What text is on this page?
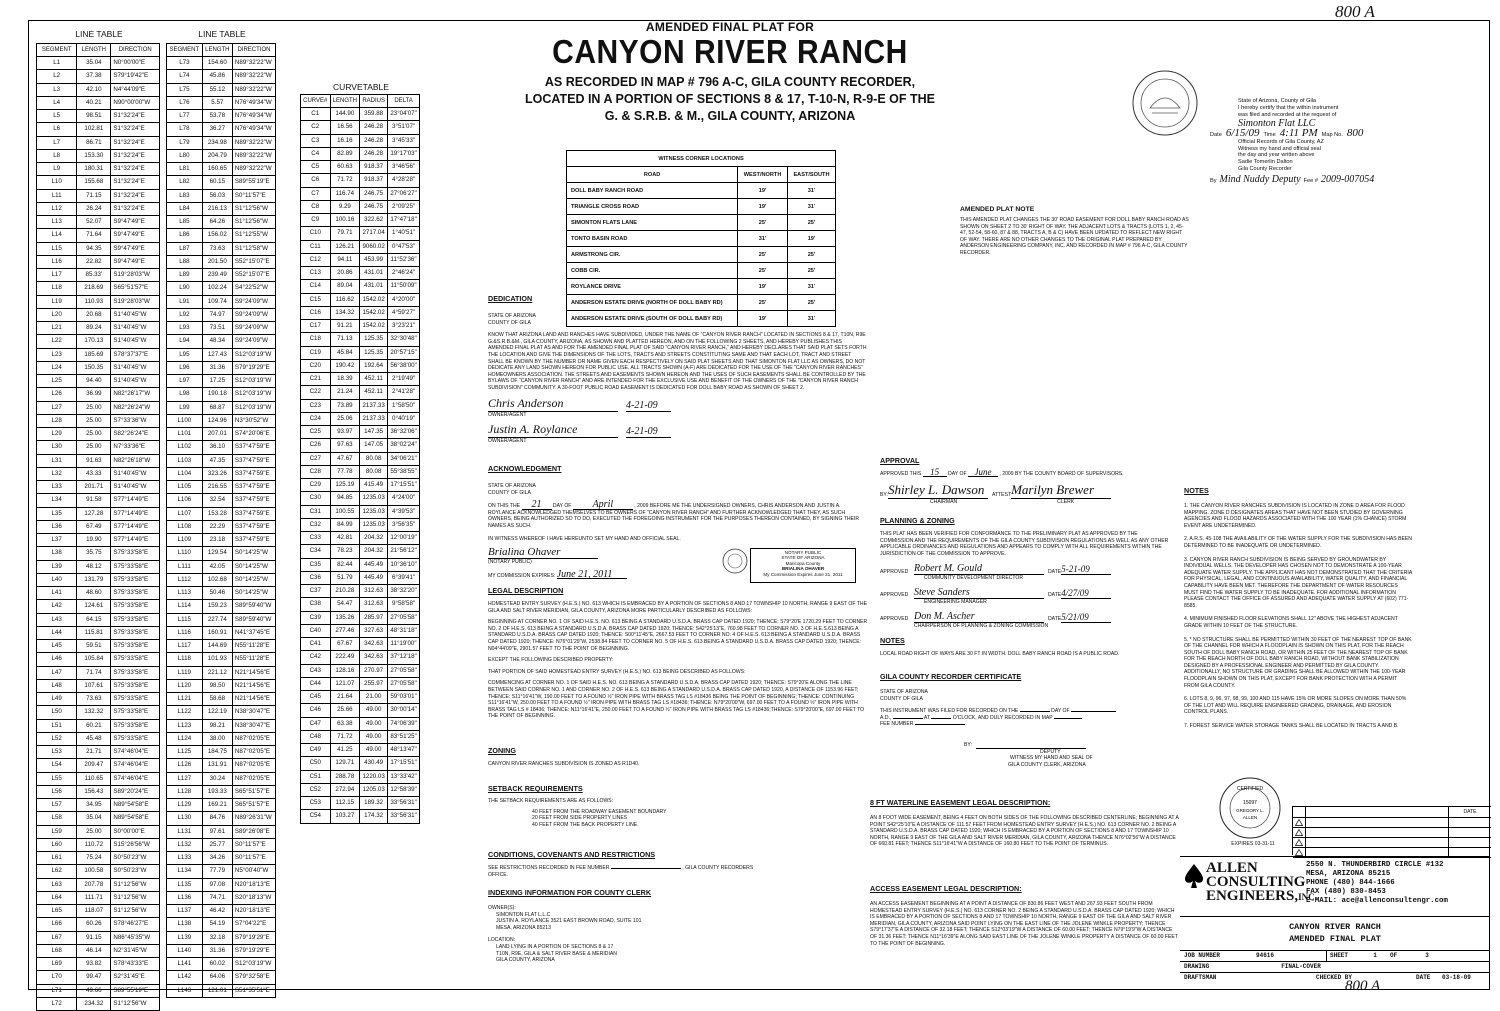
800 A
800 A
LINE TABLE
SEGMENT	LENGTH	DIRECTION
L1	35.04	N0°00'00"E
L2	37.38	S79°19'42"E
L3	42.10	N4°44'09"E
L4	40.21	N90°00'00"W
L5	98.51	S1°32'24"E
L6	102.81	S1°32'24"E
L7	86.71	S1°32'24"E
L8	153.30	S1°32'24"E
L9	180.31	S1°32'24"E
L10	155.68	S1°32'24"E
L11	71.15	S1°32'24"E
L12	26.24	S1°32'24"E
L13	52.07	S9°47'49"E
L14	71.64	S9°47'49"E
L15	94.35	S9°47'49"E
L16	22.82	S9°47'49"E
L17	85.33'	S19°28'03"W
L18	218.69	S65°51'57"E
L19	110.93	S19°28'03"W
L20	20.68	S1°40'45"W
L21	89.24	S1°40'45"W
L22	170.13	S1°40'45"W
L23	185.69	S78°37'37"E
L24	150.35	S1°40'45"W
L25	94.40	S1°40'45"W
L26	36.99	N82°26'17"W
L27	25.00	N82°26'24"W
L28	25.00	S7°33'36"W
L29	25.00	S82°26'24"E
L30	25.00	N7°33'36"E
L31	91.63	N82°26'18"W
L32	43.33	S1°40'45"W
L33	201.71	S1°40'45"W
L34	91.58	S77°14'49"E
L35	127.28	S77°14'49"E
L36	67.49	S77°14'49"E
L37	19.90	S77°14'49"E
L38	35.75	S75°33'58"E
L39	48.12	S75°33'58"E
L40	131.79	S75°33'58"E
L41	48.60	S75°33'58"E
L42	124.61	S75°33'58"E
L43	64.15	S75°33'58"E
L44	115.81	S75°33'58"E
L45	59.51	S75°33'58"E
L46	105.84	S75°33'58"E
L47	71.74	S75°33'58"E
L48	107.61	S75°33'58"E
L49	73.63	S75°33'58"E
L50	132.32	S75°33'58"E
L51	60.21	S75°33'58"E
L52	45.48	S75°33'58"E
L53	21.71	S74°46'04"E
L54	209.47	S74°46'04"E
L55	110.65	S74°46'04"E
L56	156.43	S89°20'24"E
L57	34.95	N89°54'58"E
L58	35.04	N89°54'58"E
L59	25.00	S0°00'00"E
L60	110.72	S15°26'56"W
L61	75.24	S0°50'23"W
L62	100.58	S0°50'23"W
L63	207.78	S1°12'56"W
L64	111.71	S1°12'56"W
L65	118.07	S1°12'56"W
L66	60.26	S78°46'27"E
L67	91.15	N86°45'35"W
L68	46.14	N2°31'45"W
L69	93.82	S78°43'33"E
L70	99.47	S2°31'45"E
L71	49.66	S89°55'19"E
L72	234.32	S1°12'56"W
LINE TABLE
SEGMENT	LENGTH	DIRECTION
L73	154.60	N89°32'22"W
L74	45.86	N89°32'22"W
L75	55.12	N89°32'22"W
L76	5.57	N76°49'34"W
L77	53.78	N76°49'34"W
L78	36.27	N76°49'34"W
L79	234.98	N89°32'22"W
L80	204.79	N89°32'22"W
L81	160.65	N89°32'22"W
L82	60.15	S89°55'19"E
L83	56.03	S0°11'57"E
L84	216.13	S1°12'56"W
L85	64.26	S1°12'56"W
L86	156.02	S1°12'55"W
L87	73.63	S1°12'58"W
L88	201.50	S52°15'07"E
L89	239.49	S52°15'07"E
L90	102.24	S4°22'52"W
L91	109.74	S9°24'09"W
L92	74.97	S9°24'09"W
L93	73.51	S9°24'09"W
L94	48.34	S9°24'09"W
L95	127.43	S12°03'19"W
L96	31.36	S79°19'29"E
L97	17.25	S12°03'19"W
L98	190.18	S12°03'19"W
L99	68.87	S12°03'19"W
L100	124.96	N3°30'52"W
L101	207.01	S74°20'06"E
L102	36.10	S37°47'59"E
L103	47.35	S37°47'59"E
L104	323.26	S37°47'59"E
L105	216.55	S37°47'59"E
L106	32.54	S37°47'59"E
L107	153.28	S37°47'59"E
L108	22.29	S37°47'59"E
L109	23.18	S37°47'59"E
L110	129.54	S0°14'25"W
L111	42.05	S0°14'25"W
L112	102.68	S0°14'25"W
L113	50.46	S0°14'25"W
L114	159.23	S89°59'40"W
L115	227.74	S89°59'40"W
L116	160.91	N41°37'45"E
L117	144.69	N55°11'28"E
L118	101.93	N55°11'28"E
L119	221.12	N21°14'56"E
L120	98.50	N21°14'56"E
L121	58.68	N21°14'56"E
L122	122.19	N38°30'47"E
L123	98.21	N38°30'47"E
L124	38.00	N87°02'05"E
L125	184.75	N87°02'05"E
L126	131.91	N87°02'05"E
L127	30.24	N87°02'05"E
L128	193.33	S65°51'57"E
L129	169.21	S65°51'57"E
L130	84.76	N89°26'31"W
L131	97.61	S89°26'08"E
L132	25.77	S0°11'57"E
L133	34.26	S0°11'57"E
L134	77.79	N5°00'40"W
L135	97.08	N20°18'13"E
L136	74.71	S20°18'13"W
L137	46.42	N20°18'13"E
L138	54.19	S7°04'22"E
L139	32.18	S79°19'29"E
L140	31.36	S79°19'29"E
L141	60.02	S12°03'19"W
L142	64.06	S79°32'58"E
L143	121.01	S51°35'51"E
CURVETABLE
CURVE#	LENGTH	RADIUS	DELTA
C1	144.90	359.88	23°04'07"
C2	16.56	246.28	3°51'07"
C3	16.16	246.28	3°45'33"
C4	82.89	246.28	19°17'03"
C5	60.63	918.37	3°46'56"
C6	71.72	918.37	4°28'28"
C7	116.74	246.75	27°06'27"
C8	9.29	246.75	2°09'25"
C9	100.16	322.62	17°47'18"
C10	79.71	2717.04	1°40'51"
C11	126.21	9060.02	0°47'53"
C12	94.11	453.99	11°52'36"
C13	20.86	431.01	2°46'24"
C14	89.04	431.01	11°50'09"
C15	116.62	1542.02	4°20'00"
C16	134.32	1542.02	4°59'27"
C17	91.21	1542.02	3°23'21"
C18	71.13	125.35	32°30'48"
C19	45.84	125.35	20°57'15"
C20	190.42	192.64	56°38'00"
C21	18.39	452.11	2°19'49"
C22	21.24	452.11	2°41'28"
C23	73.89	2137.33	1°58'50"
C24	25.06	2137.33	0°40'19"
C25	93.97	147.35	36°32'06"
C26	97.63	147.05	38°02'24"
C27	47.67	80.08	34°06'21"
C28	77.78	80.08	55°38'55"
C29	125.19	415.49	17°15'51"
C30	94.85	1235.03	4°24'00"
C31	100.55	1235.03	4°39'53"
C32	84.99	1235.03	3°56'35"
C33	42.81	204.32	12°00'19"
C34	78.23	204.32	21°56'12"
C35	82.44	445.49	10°36'10"
C36	51.79	445.49	6°39'41"
C37	210.28	312.63	38°32'20"
C38	54.47	312.63	9°58'58"
C39	135.26	285.97	27°05'58"
C40	277.46	327.63	48°31'18"
C41	67.67	342.63	11°19'00"
C42	222.49	342.63	37°12'18"
C43	128.16	270.97	27°05'58"
C44	121.07	255.97	27°05'58"
C45	21.64	21.00	59°03'01"
C46	25.66	49.00	30°00'14"
C47	63.38	49.00	74°06'39"
C48	71.72	49.00	83°51'25"
C49	41.25	49.00	48°13'47"
C50	129.71	430.49	17°15'51"
C51	288.78	1220.03	13°33'42"
C52	272.94	1205.03	12°58'39"
C53	112.15	189.32	33°56'31"
C54	103.27	174.32	33°56'31"
AMENDED FINAL PLAT FOR
CANYON RIVER RANCH
AS RECORDED IN MAP # 796 A-C, GILA COUNTY RECORDER,
LOCATED IN A PORTION OF SECTIONS 8 & 17, T-10-N, R-9-E OF THE
G. & S.R.B. & M., GILA COUNTY, ARIZONA
WITNESS CORNER LOCATIONS		
ROAD	WEST/NORTH	EAST/SOUTH
DOLL BABY RANCH ROAD	19'	31'
TRIANGLE CROSS ROAD	19'	31'
SIMONTON FLATS LANE	25'	25'
TONTO BASIN ROAD	31'	19'
ARMSTRONG CIR.	25'	25'
COBB CIR.	25'	25'
ROYLANCE DRIVE	19'	31'
ANDERSON ESTATE DRIVE (NORTH OF DOLL BABY RD)	25'	25'
ANDERSON ESTATE DRIVE (SOUTH OF DOLL BABY RD)	19'	31'
State of Arizona, County of Gila
I hereby certify that the within instrument
was filed and recorded at the request of
Simonton Flat LLC
Date 6/15/09 Time 4:11 PM Map No. 800
Official Records of Gila County, AZ
Witness my hand and official seal
the day and year written above
Sadie Tomerlin Dalton
Gila County Recorder
By Mind Nuddy Deputy Fee # 2009-007054
AMENDED PLAT NOTE
THIS AMENDED PLAT CHANGES THE 30' ROAD EASEMENT FOR DOLL BABY RANCH ROAD AS SHOWN ON SHEET 2 TO 30' RIGHT OF WAY. THE ADJACENT LOTS & TRACTS (LOTS 1, 2, 45-47, 52-54, 58-60, 87 & 88, TRACTS A, B & C) HAVE BEEN UPDATED TO REFLECT NEW RIGHT OF WAY. THERE ARE NO OTHER CHANGES TO THE ORIGINAL PLAT PREPARED BY ANDERSON ENGINEERING COMPANY, INC. AND RECORDED IN MAP # 796 A-C, GILA COUNTY RECORDER.
DEDICATION
STATE OF ARIZONA
COUNTY OF GILA
KNOW THAT ARIZONA LAND AND RANCHES HAVE SUBDIVIDED, UNDER THE NAME OF "CANYON RIVER RANCH" LOCATED IN SECTIONS 8 & 17, T10N, R9E G.&S.R.B.&M., GILA COUNTY, ARIZONA, AS SHOWN AND PLATTED HEREON, AND ON THE FOLLOWING 2 SHEETS, AND HEREBY PUBLISHES THIS AMENDED FINAL PLAT AS AND FOR THE AMENDED FINAL PLAT OF SAID "CANYON RIVER RANCH," AND HEREBY DECLARES THAT SAID PLAT SETS FORTH THE LOCATION AND GIVE THE DIMENSIONS OF THE LOTS, TRACTS AND STREETS CONSTITUTING SAME AND THAT EACH LOT, TRACT AND STREET SHALL BE KNOWN BY THE NUMBER OR NAME GIVEN EACH RESPECTIVELY ON SAID PLAT SHEETS AND THAT SIMONTON FLAT LLC AS OWNERS, DO NOT DEDICATE ANY LAND SHOWN HEREON FOR PUBLIC USE. ALL TRACTS SHOWN (A-F) ARE DEDICATED FOR THE USE OF THE "CANYON RIVER RANCHES" HOMEOWNERS ASSOCIATION. THE STREETS AND EASEMENTS SHOWN HEREON AND THE USES OF SUCH EASEMENTS SHALL BE CONTROLLED BY THE BYLAWS OF "CANYON RIVER RANCH" AND ARE INTENDED FOR THE EXCLUSIVE USE AND BENEFIT OF THE OWNERS OF THE "CANYON RIVER RANCH SUBDIVISION" COMMUNITY. A 30-FOOT PUBLIC ROAD EASEMENT IS DEDICATED FOR DOLL BABY ROAD AS SHOWN OF SHEET 2.
Chris Anderson	4-21-09
OWNER/AGENT
Justin A. Roylance	4-21-09
OWNER/AGENT
ACKNOWLEDGMENT
STATE OF ARIZONA
COUNTY OF GILA
ON THIS THE 21 DAY OF April	, 2009 BEFORE ME THE UNDERSIGNED OWNERS, CHRIS ANDERSON AND JUSTIN A. ROYLANCE ACKNOWLEDGED THEMSELVES TO BE OWNERS OF "CANYON RIVER RANCH" AND FURTHER ACKNOWLEDGED THAT THEY, AS SUCH OWNERS, BEING AUTHORIZED SO TO DO, EXECUTED THE FOREGOING INSTRUMENT FOR THE PURPOSES THEREON CONTAINED, BY SIGNING THEIR NAMES AS SUCH.
IN WITNESS WHEREOF I HAVE HEREUNTO SET MY HAND AND OFFICIAL SEAL.
Brialina Ohaver
(NOTARY PUBLIC)
MY COMMISSION EXPIRES: June 21, 2011
NOTARY PUBLIC
STATE OF ARIZONA
Maricopa County
BRIALINA OHAVER
My Commission Expires June 21, 2011
LEGAL DESCRIPTION
HOMESTEAD ENTRY SURVEY (H.E.S.) NO. 613 WHICH IS EMBRACED BY A PORTION OF SECTIONS 8 AND 17 TOWNSHIP 10 NORTH, RANGE 9 EAST OF THE GILA AND SALT RIVER MERIDIAN, GILA COUNTY, ARIZONA MORE PARTICULARLY DESCRIBED AS FOLLOWS:
BEGINNING AT CORNER NO. 1 OF SAID H.E.S. NO. 613 BEING A STANDARD U.S.D.A. BRASS CAP DATED 1920; THENCE: S79°20'E 1720.29 FEET TO CORNER NO. 2 OF H.E.S. 613 BEING A STANDARD U.S.D.A. BRASS CAP DATED 1920; THENCE: S42°25'13"E, 760.98 FEET TO CORNER NO. 3 OF H.E.S.613 BEING A STANDARD U.S.D.A. BRASS CAP DATED 1920; THENCE: S00°11'45"E, 2667.53 FEET TO CORNER NO. 4 OF H.E.S. 613 BEING A STANDARD U.S.D.A. BRASS CAP DATED 1920; THENCE: N76°01'29"W, 2538.84 FEET TO CORNER NO. 5 OF H.E.S. 613 BEING A STANDARD U.S.D.A. BRASS CAP DATED 1920; THENCE: N04°44'09"E, 2901.57 FEET TO THE POINT OF BEGINNING.
EXCEPT THE FOLLOWING DESCRIBED PROPERTY:
THAT PORTION OF SAID HOMESTEAD ENTRY SURVEY (H.E.S.) NO. 613 BEING DESCRIBED AS FOLLOWS:
COMMENCING AT CORNER NO. 1 OF SAID H.E.S. NO. 613 BEING A STANDARD U.S.D.A. BRASS CAP DATED 1920; THENCE: S79°20'E ALONG THE LINE BETWEEN SAID CORNER NO. 1 AND CORNER NO. 2 OF H.E.S. 613 BEING A STANDARD U.S.D.A. BRASS CAP DATED 1920, A DISTANCE OF 1153.96 FEET; THENCE: S11°16'41"W, 190.00 FEET TO A FOUND ½" IRON PIPE WITH BRASS TAG LS #18436 BEING THE POINT OF BEGINNING; THENCE: CONTINUING S11°16'41"W, 250.00 FEET TO A FOUND ½" IRON PIPE WITH BRASS TAG LS #18436; THENCE: N79°20'00"W, 697.00 FEET TO A FOUND ½" IRON PIPE WITH BRASS TAG LS # 18436; THENCE: N11°16'41"E, 250.00 FEET TO A FOUND ½" IRON PIPE WITH BRASS TAG LS #18436;THENCE: S79°20'00"E, 697.00 FEET TO THE POINT OF BEGINNING.
ZONING
CANYON RIVER RANCHES SUBDIVISION IS ZONED AS R1D40.
SETBACK REQUIREMENTS
THE SETBACK REQUIREMENTS ARE AS FOLLOWS:
40 FEET FROM THE ROADWAY EASEMENT BOUNDARY
20 FEET FROM SIDE PROPERTY LINES
40 FEET FROM THE BACK PROPERTY LINE.
CONDITIONS, COVENANTS AND RESTRICTIONS
SEE RESTRICTIONS RECORDED IN FEE NUMBER	, GILA COUNTY RECORDERS
OFFICE.
INDEXING INFORMATION FOR COUNTY CLERK
OWNER(S):
SIMONTON FLAT L.L.C
JUSTIN A. ROYLANCE 3521 EAST BROWN ROAD, SUITE 101
MESA, ARIZONA 85213
LOCATION:
LAND LYING IN A PORTION OF SECTIONS 8 & 17
T10N, R9E, GILA & SALT RIVER BASE & MERIDIAN
GILA COUNTY, ARIZONA
APPROVAL
APPROVED THIS 15 DAY OF June , 2009 BY THE COUNTY BOARD OF SUPERVISORS.
BY: Shirley L. Dawson	ATTEST Marilyn Brewer
CHAIRMAN	CLERK
PLANNING & ZONING
THIS PLAT HAS BEEN VERIFIED FOR CONFORMANCE TO THE PRELIMINARY PLAT AS APPROVED BY THE COMMISSION AND THE REQUIREMENTS OF THE GILA COUNTY SUBDIVISION REGULATIONS AS WELL AS ANY OTHER APPLICABLE ORDINANCES AND REGULATIONS AND APPEARS TO COMPLY WITH ALL REQUIREMENTS WITHIN THE JURISDICTION OF THE COMMISSION TO APPROVE.
APPROVED Robert M. Gould	DATE 5-21-09
COMMUNITY DEVELOPMENT DIRECTOR
APPROVED Steve Sanders	DATE 4/27/09
ENGINEERING MANAGER
APPROVED Don M. Ascher	DATE 5/21/09
CHAIRPERSON OF PLANNING & ZONING COMMISSION
NOTES
LOCAL ROAD RIGHT OF WAYS ARE 30 FT IN WIDTH. DOLL BABY RANCH ROAD IS A PUBLIC ROAD.
GILA COUNTY RECORDER CERTIFICATE
STATE OF ARIZONA
COUNTY OF GILA
THIS INSTRUMENT WAS FILED FOR RECORDED ON THE	DAY OF
A.D.,	AT	O'CLOCK, AND DULY RECORDED IN MAP
FEE NUMBER
BY:
DEPUTY
WITNESS MY HAND AND SEAL OF
GILA COUNTY CLERK, ARIZONA
8 FT WATERLINE EASEMENT LEGAL DESCRIPTION:
AN 8 FOOT WIDE EASEMENT, BEING 4 FEET ON BOTH SIDES OF THE FOLLOWING DESCRIBED CENTERLINE; BEGINNING AT A POINT S42°25'10"E A DISTANCE OF 111.57 FEET FROM HOMESTEAD ENTRY SURVEY (H.E.S.) NO. 613 CORNER NO. 2 BEING A STANDARD U.S.D.A. BRASS CAP DATED 1920; WHICH IS EMBRACED BY A PORTION OF SECTIONS 8 AND 17 TOWNSHIP 10 NORTH, RANGE 9 EAST OF THE GILA AND SALT RIVER MERIDIAN, GILA COUNTY, ARIZONA THENCE N76°02'56"W A DISTANCE OF 660.81 FEET; THENCE S11°16'41"W A DISTANCE OF 160.80 FEET TO THE POINT OF TERMINUS.
ACCESS EASEMENT LEGAL DESCRIPTION:
AN ACCESS EASEMENT BEGINNING AT A POINT A DISTANCE OF 830.86 FEET WEST AND 267.93 FEET SOUTH FROM HOMESTEAD ENTRY SURVEY (H.E.S.) NO. 613 CORNER NO. 2 BEING A STANDARD U.S.D.A. BRASS CAP DATED 1920; WHICH IS EMBRACED BY A PORTION OF SECTIONS 8 AND 17 TOWNSHIP 10 NORTH, RANGE 9 EAST OF THE GILA AND SALT RIVER MERIDIAN, GILA COUNTY, ARIZONA SAID POINT LYING ON THE EAST LINE OF THE JOLENE WINKLE PROPERTY; THENCE S79°17'37"E A DISTANCE OF 32.18 FEET; THENCE S12°03'19"W A DISTANCE OF 60.00 FEET; THENCE N79°19'9"W A DISTANCE OF 31.36 FEET; THENCE N11°16'39"E ALONG SAID EAST LINE OF THE JOLENE WINKLE PROPERTY A DISTANCE OF 60.00 FEET TO THE POINT OF BEGINNING.
NOTES

1. THE CANYON RIVER RANCHES SUBDIVISION IS LOCATED IN ZONE D AREA FOR FLOOD MAPPING. ZONE D DESIGNATES AREAS THAT HAVE NOT BEEN STUDIED BY GOVERNING AGENCIES AND FLOOD HAZARDS ASSOCIATED WITH THE 100 YEAR (1% CHANCE) STORM EVENT ARE UNDETERMINED.

2. A.R.S. 45-108 THE AVAILABILITY OF THE WATER SUPPLY FOR THE SUBDIVISION HAS BEEN DETERMINED TO BE INADEQUATE OR UNDETERMINED.

3. CANYON RIVER RANCH SUBDIVISION IS BEING SERVED BY GROUNDWATER BY INDIVIDUAL WELLS. THE DEVELOPER HAS CHOSEN NOT TO DEMONSTRATE A 100-YEAR ADEQUATE WATER SUPPLY. THE APPLICANT HAS NOT DEMONSTRATED THAT THE CRITERIA FOR PHYSICAL, LEGAL, AND CONTINUOUS AVAILABILITY, WATER QUALITY, AND FINANCIAL CAPABILITY HAVE BEEN MET. THEREFORE THE DEPARTMENT OF WATER RESOURCES MUST FIND THE WATER SUPPLY TO BE INADEQUATE. FOR ADDITIONAL INFORMATION PLEASE CONTACT THE OFFICE OF ASSURED AND ADEQUATE WATER SUPPLY AT (602) 771-8585.

4. MINIMUM FINISHED FLOOR ELEVATIONS SHALL 12" ABOVE THE HIGHEST ADJACENT GRADE WITHIN 10 FEET OF THE STRUCTURE.

5. * NO STRUCTURE SHALL BE PERMITTED WITHIN 30 FEET OF THE NEAREST TOP OF BANK OF THE CHANNEL FOR WHICH A FLOODPLAIN IS SHOWN ON THIS PLAT, FOR THE REACH SOUTH OF DOLL BABY RANCH ROAD, OR WITHIN 25 FEET OF THE NEAREST TOP OF BANK FOR THE REACH NORTH OF DOLL BABY RANCH ROAD, WITHOUT BANK STABILIZATION DESIGNED BY A PROFESSIONAL ENGINEER AND PERMITTED BY GILA COUNTY. ADDITIONALLY, NO STRUCTURE OR GRADING SHALL BE ALLOWED WITHIN THE 100-YEAR FLOODPLAIN SHOWN ON THIS PLAT, EXCEPT FOR BANK PROTECTION WITH A PERMIT FROM GILA COUNTY.

6. LOTS 8, 9, 96, 97, 98, 99, 100 AND 115 HAVE 15% OR MORE SLOPES ON MORE THAN 50% OF THE LOT AND WILL REQUIRE ENGINEERED GRADING, DRAINAGE, AND EROSION CONTROL PLANS.

7. FOREST SERVICE WATER STORAGE TANKS SHALL BE LOCATED IN TRACTS A AND B.

CERTIFIED
15097
GREGORY L.
ALLEN
EXPIRES 03-31-11
DATE
ALLEN
CONSULTING
ENGINEERS,INC.
2550 N. THUNDERBIRD CIRCLE #132
MESA, ARIZONA 85215
PHONE (480) 844-1666
FAX (480) 830-8453
E-MAIL: ace@allenconsultengr.com
CANYON RIVER RANCH
AMENDED FINAL PLAT
JOB NUMBER	94616	SHEET	1	OF	3
DRAWING	FINAL-COVER
DRAFTSMAN	CHECKED BY	DATE	03-18-09
